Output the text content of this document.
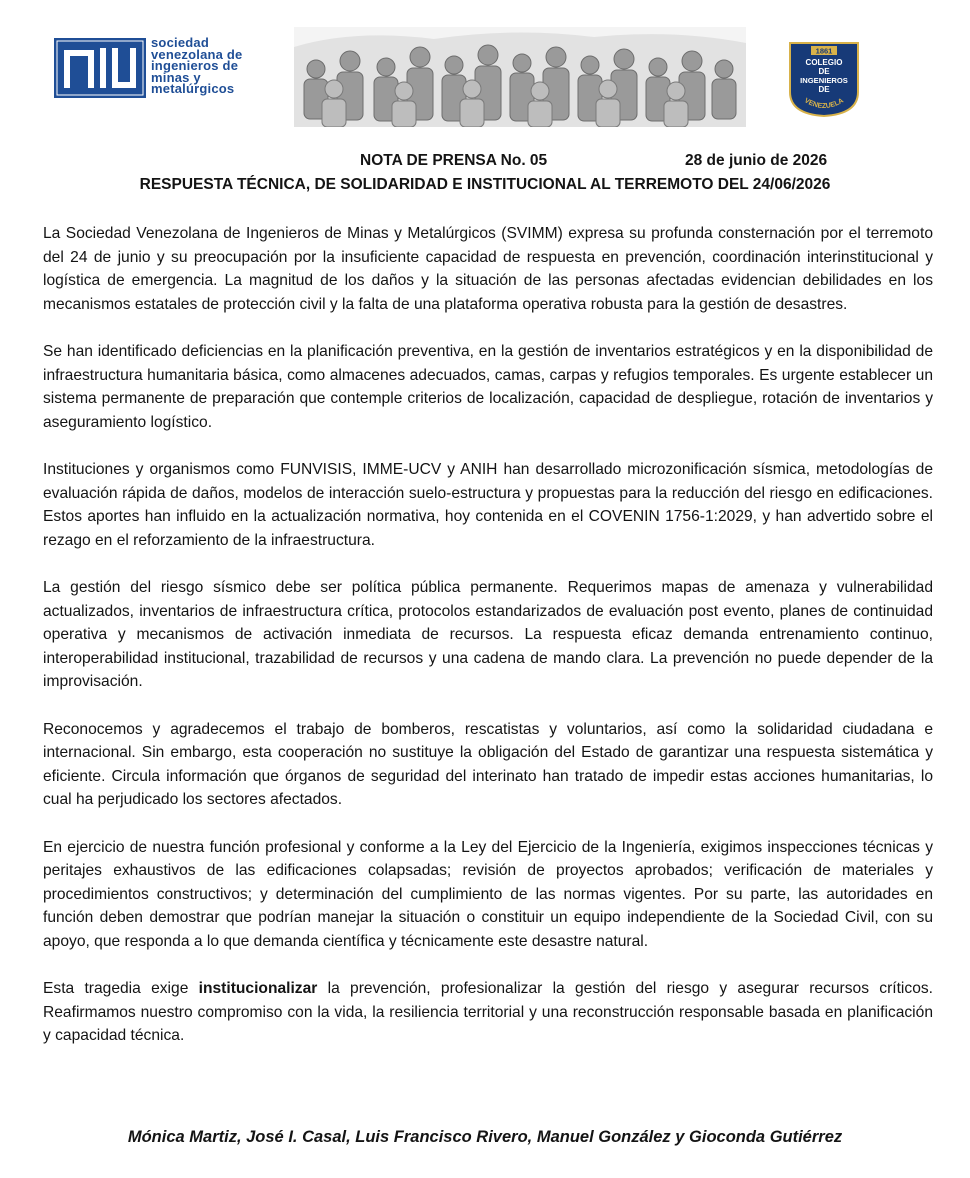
sociedad
venezolana de
ingenieros de
minas y
metalúrgicos
1861
COLEGIO
DE
INGENIEROS
DE
VENEZUELA
NOTA DE PRENSA No. 05	28 de junio de 2026
RESPUESTA TÉCNICA, DE SOLIDARIDAD E INSTITUCIONAL AL TERREMOTO DEL 24/06/2026

La Sociedad Venezolana de Ingenieros de Minas y Metalúrgicos (SVIMM) expresa su profunda consternación por el terremoto del 24 de junio y su preocupación por la insuficiente capacidad de respuesta en prevención, coordinación interinstitucional y logística de emergencia. La magnitud de los daños y la situación de las personas afectadas evidencian debilidades en los mecanismos estatales de protección civil y la falta de una plataforma operativa robusta para la gestión de desastres.

Se han identificado deficiencias en la planificación preventiva, en la gestión de inventarios estratégicos y en la disponibilidad de infraestructura humanitaria básica, como almacenes adecuados, camas, carpas y refugios temporales. Es urgente establecer un sistema permanente de preparación que contemple criterios de localización, capacidad de despliegue, rotación de inventarios y aseguramiento logístico.

Instituciones y organismos como FUNVISIS, IMME-UCV y ANIH han desarrollado microzonificación sísmica, metodologías de evaluación rápida de daños, modelos de interacción suelo-estructura y propuestas para la reducción del riesgo en edificaciones. Estos aportes han influido en la actualización normativa, hoy contenida en el COVENIN 1756-1:2029, y han advertido sobre el rezago en el reforzamiento de la infraestructura.

La gestión del riesgo sísmico debe ser política pública permanente. Requerimos mapas de amenaza y vulnerabilidad actualizados, inventarios de infraestructura crítica, protocolos estandarizados de evaluación post evento, planes de continuidad operativa y mecanismos de activación inmediata de recursos. La respuesta eficaz demanda entrenamiento continuo, interoperabilidad institucional, trazabilidad de recursos y una cadena de mando clara. La prevención no puede depender de la improvisación.

Reconocemos y agradecemos el trabajo de bomberos, rescatistas y voluntarios, así como la solidaridad ciudadana e internacional. Sin embargo, esta cooperación no sustituye la obligación del Estado de garantizar una respuesta sistemática y eficiente. Circula información que órganos de seguridad del interinato han tratado de impedir estas acciones humanitarias, lo cual ha perjudicado los sectores afectados.

En ejercicio de nuestra función profesional y conforme a la Ley del Ejercicio de la Ingeniería, exigimos inspecciones técnicas y peritajes exhaustivos de las edificaciones colapsadas; revisión de proyectos aprobados; verificación de materiales y procedimientos constructivos; y determinación del cumplimiento de las normas vigentes. Por su parte, las autoridades en función deben demostrar que podrían manejar la situación o constituir un equipo independiente de la Sociedad Civil, con su apoyo, que responda a lo que demanda científica y técnicamente este desastre natural.

Esta tragedia exige institucionalizar la prevención, profesionalizar la gestión del riesgo y asegurar recursos críticos. Reafirmamos nuestro compromiso con la vida, la resiliencia territorial y una reconstrucción responsable basada en planificación y capacidad técnica.

Mónica Martiz, José I. Casal, Luis Francisco Rivero, Manuel González y Gioconda Gutiérrez
